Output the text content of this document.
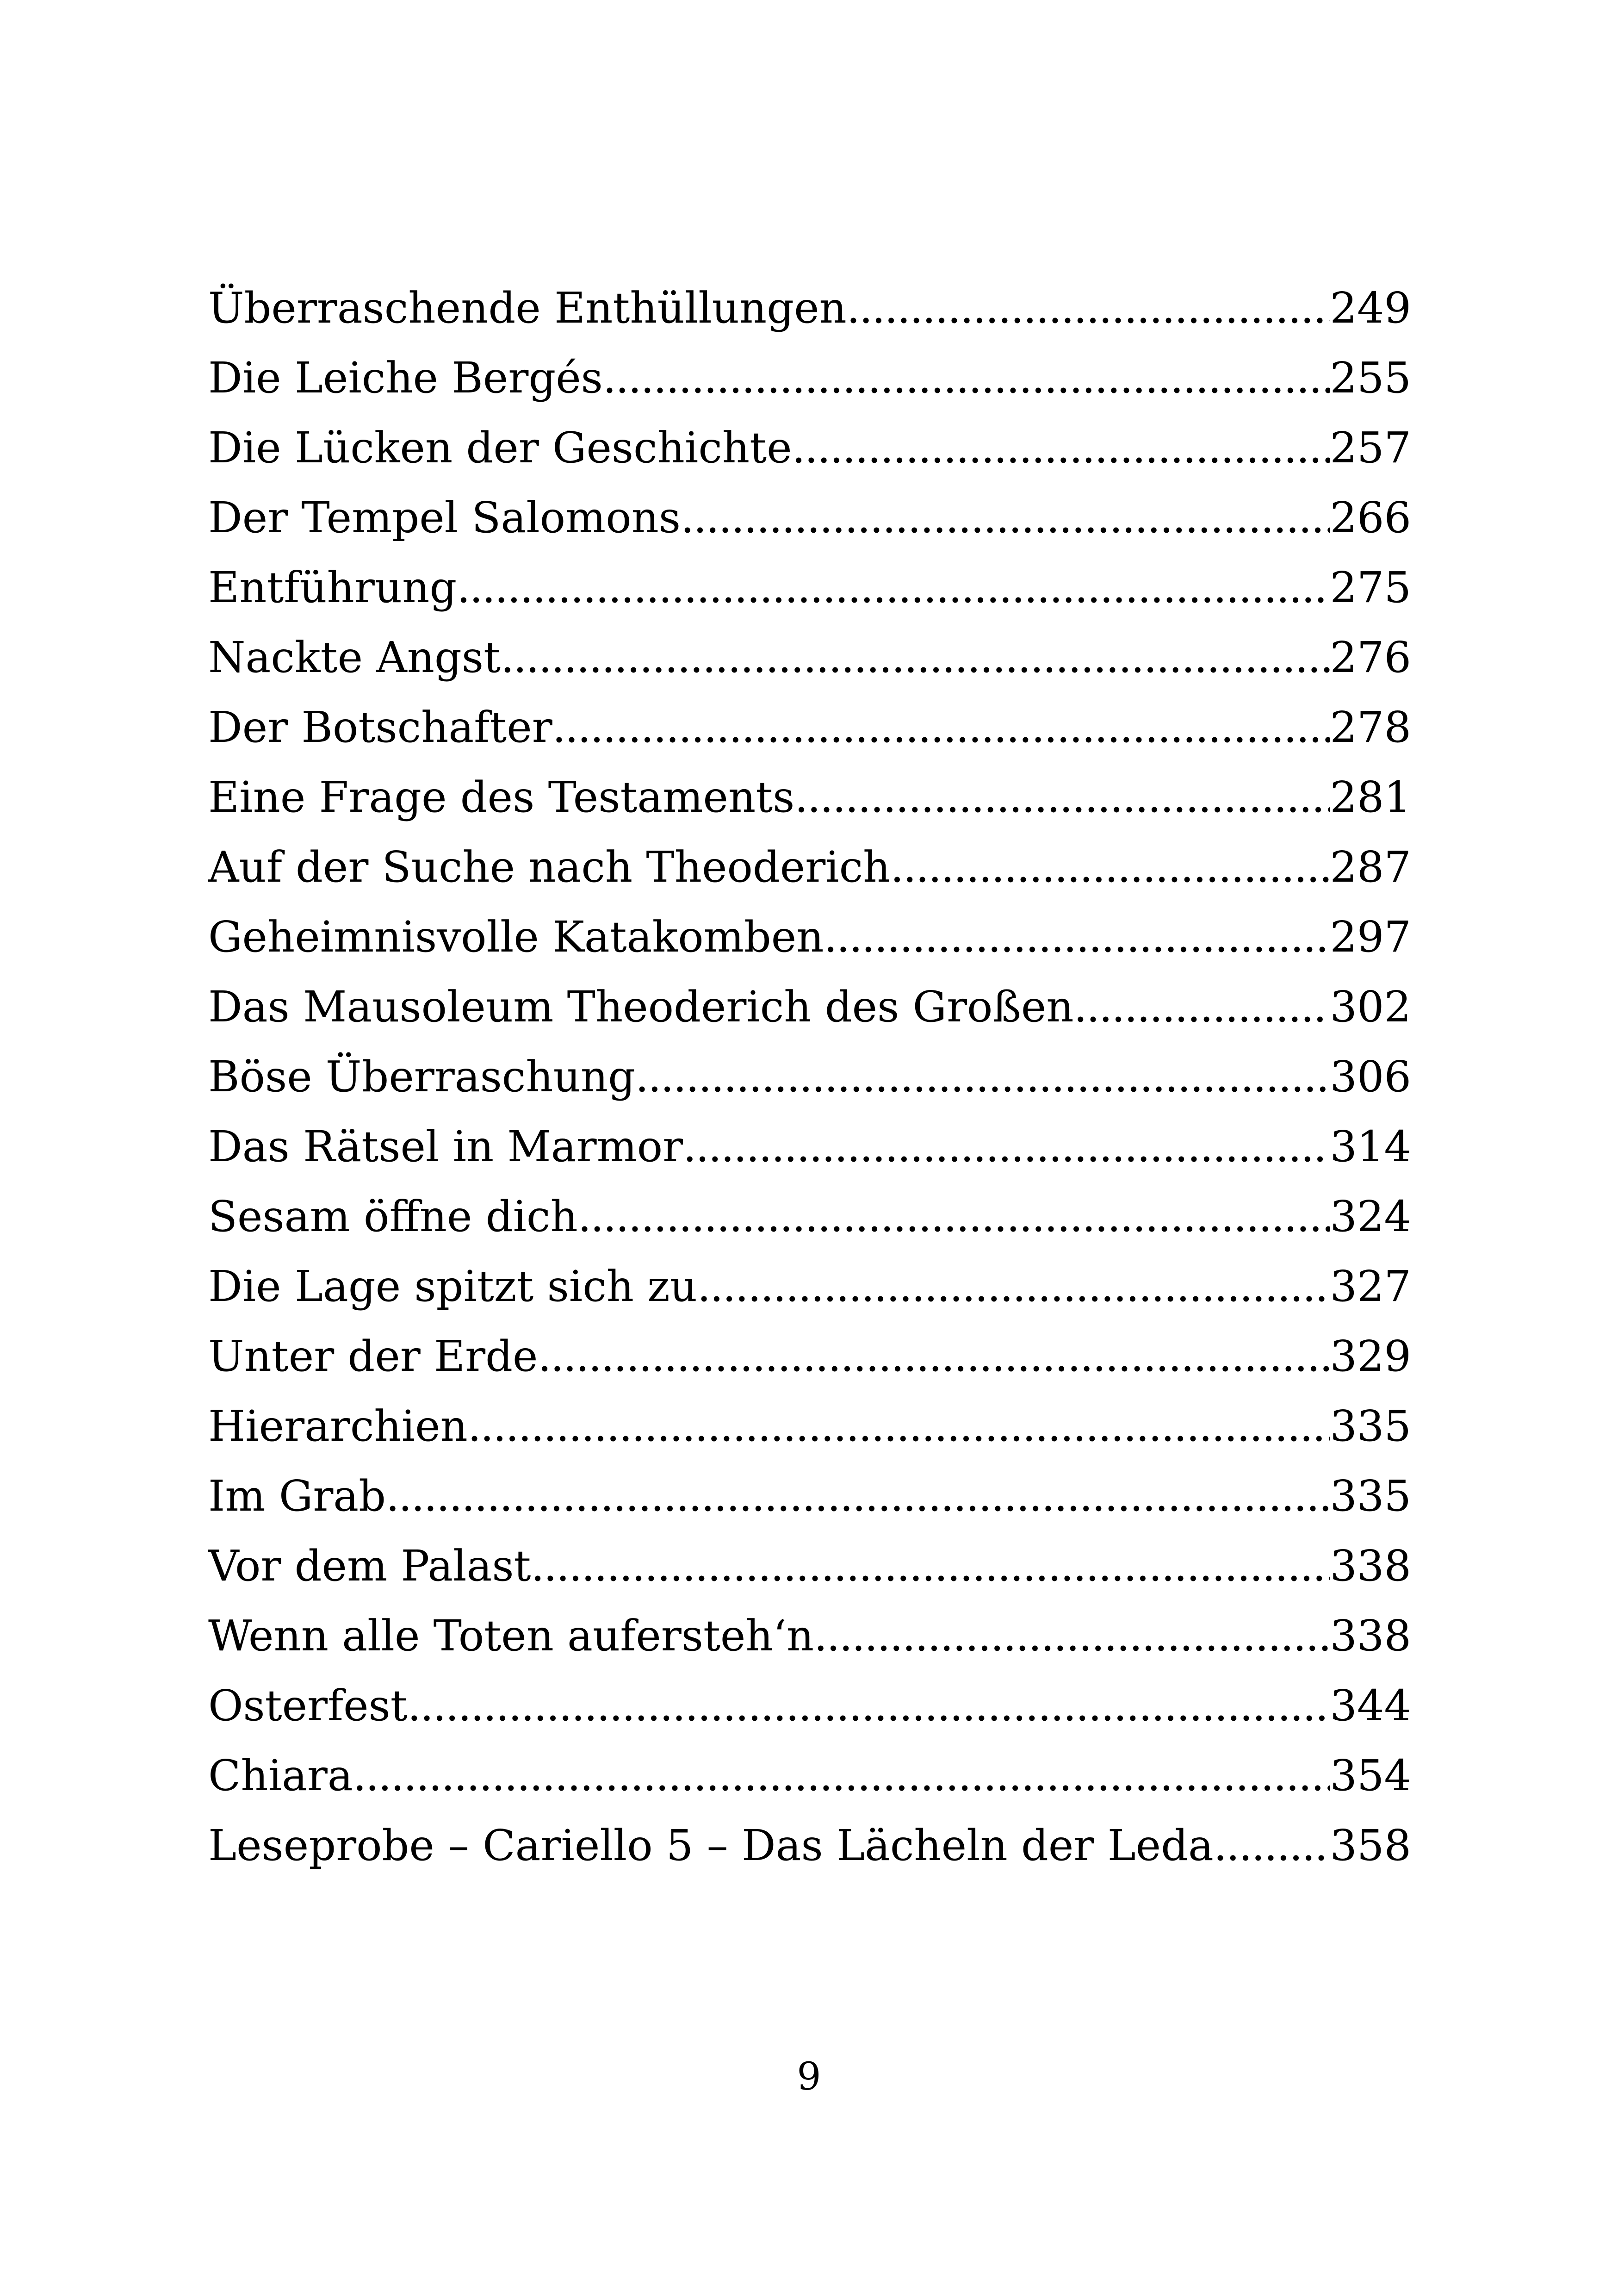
Überraschende Enthüllungen .....	249
Die Leiche Bergés .....	255
Die Lücken der Geschichte .....	257
Der Tempel Salomons .....	266
Entführung .....	275
Nackte Angst .....	276
Der Botschafter .....	278
Eine Frage des Testaments .....	281
Auf der Suche nach Theoderich .....	287
Geheimnisvolle Katakomben .....	297
Das Mausoleum Theoderich des Großen .....	302
Böse Überraschung .....	306
Das Rätsel in Marmor .....	314
Sesam öffne dich .....	324
Die Lage spitzt sich zu .....	327
Unter der Erde .....	329
Hierarchien .....	335
Im Grab .....	335
Vor dem Palast .....	338
Wenn alle Toten aufersteh‘n .....	338
Osterfest .....	344
Chiara .....	354
Leseprobe – Cariello 5 – Das Lächeln der Leda .....	358
9
